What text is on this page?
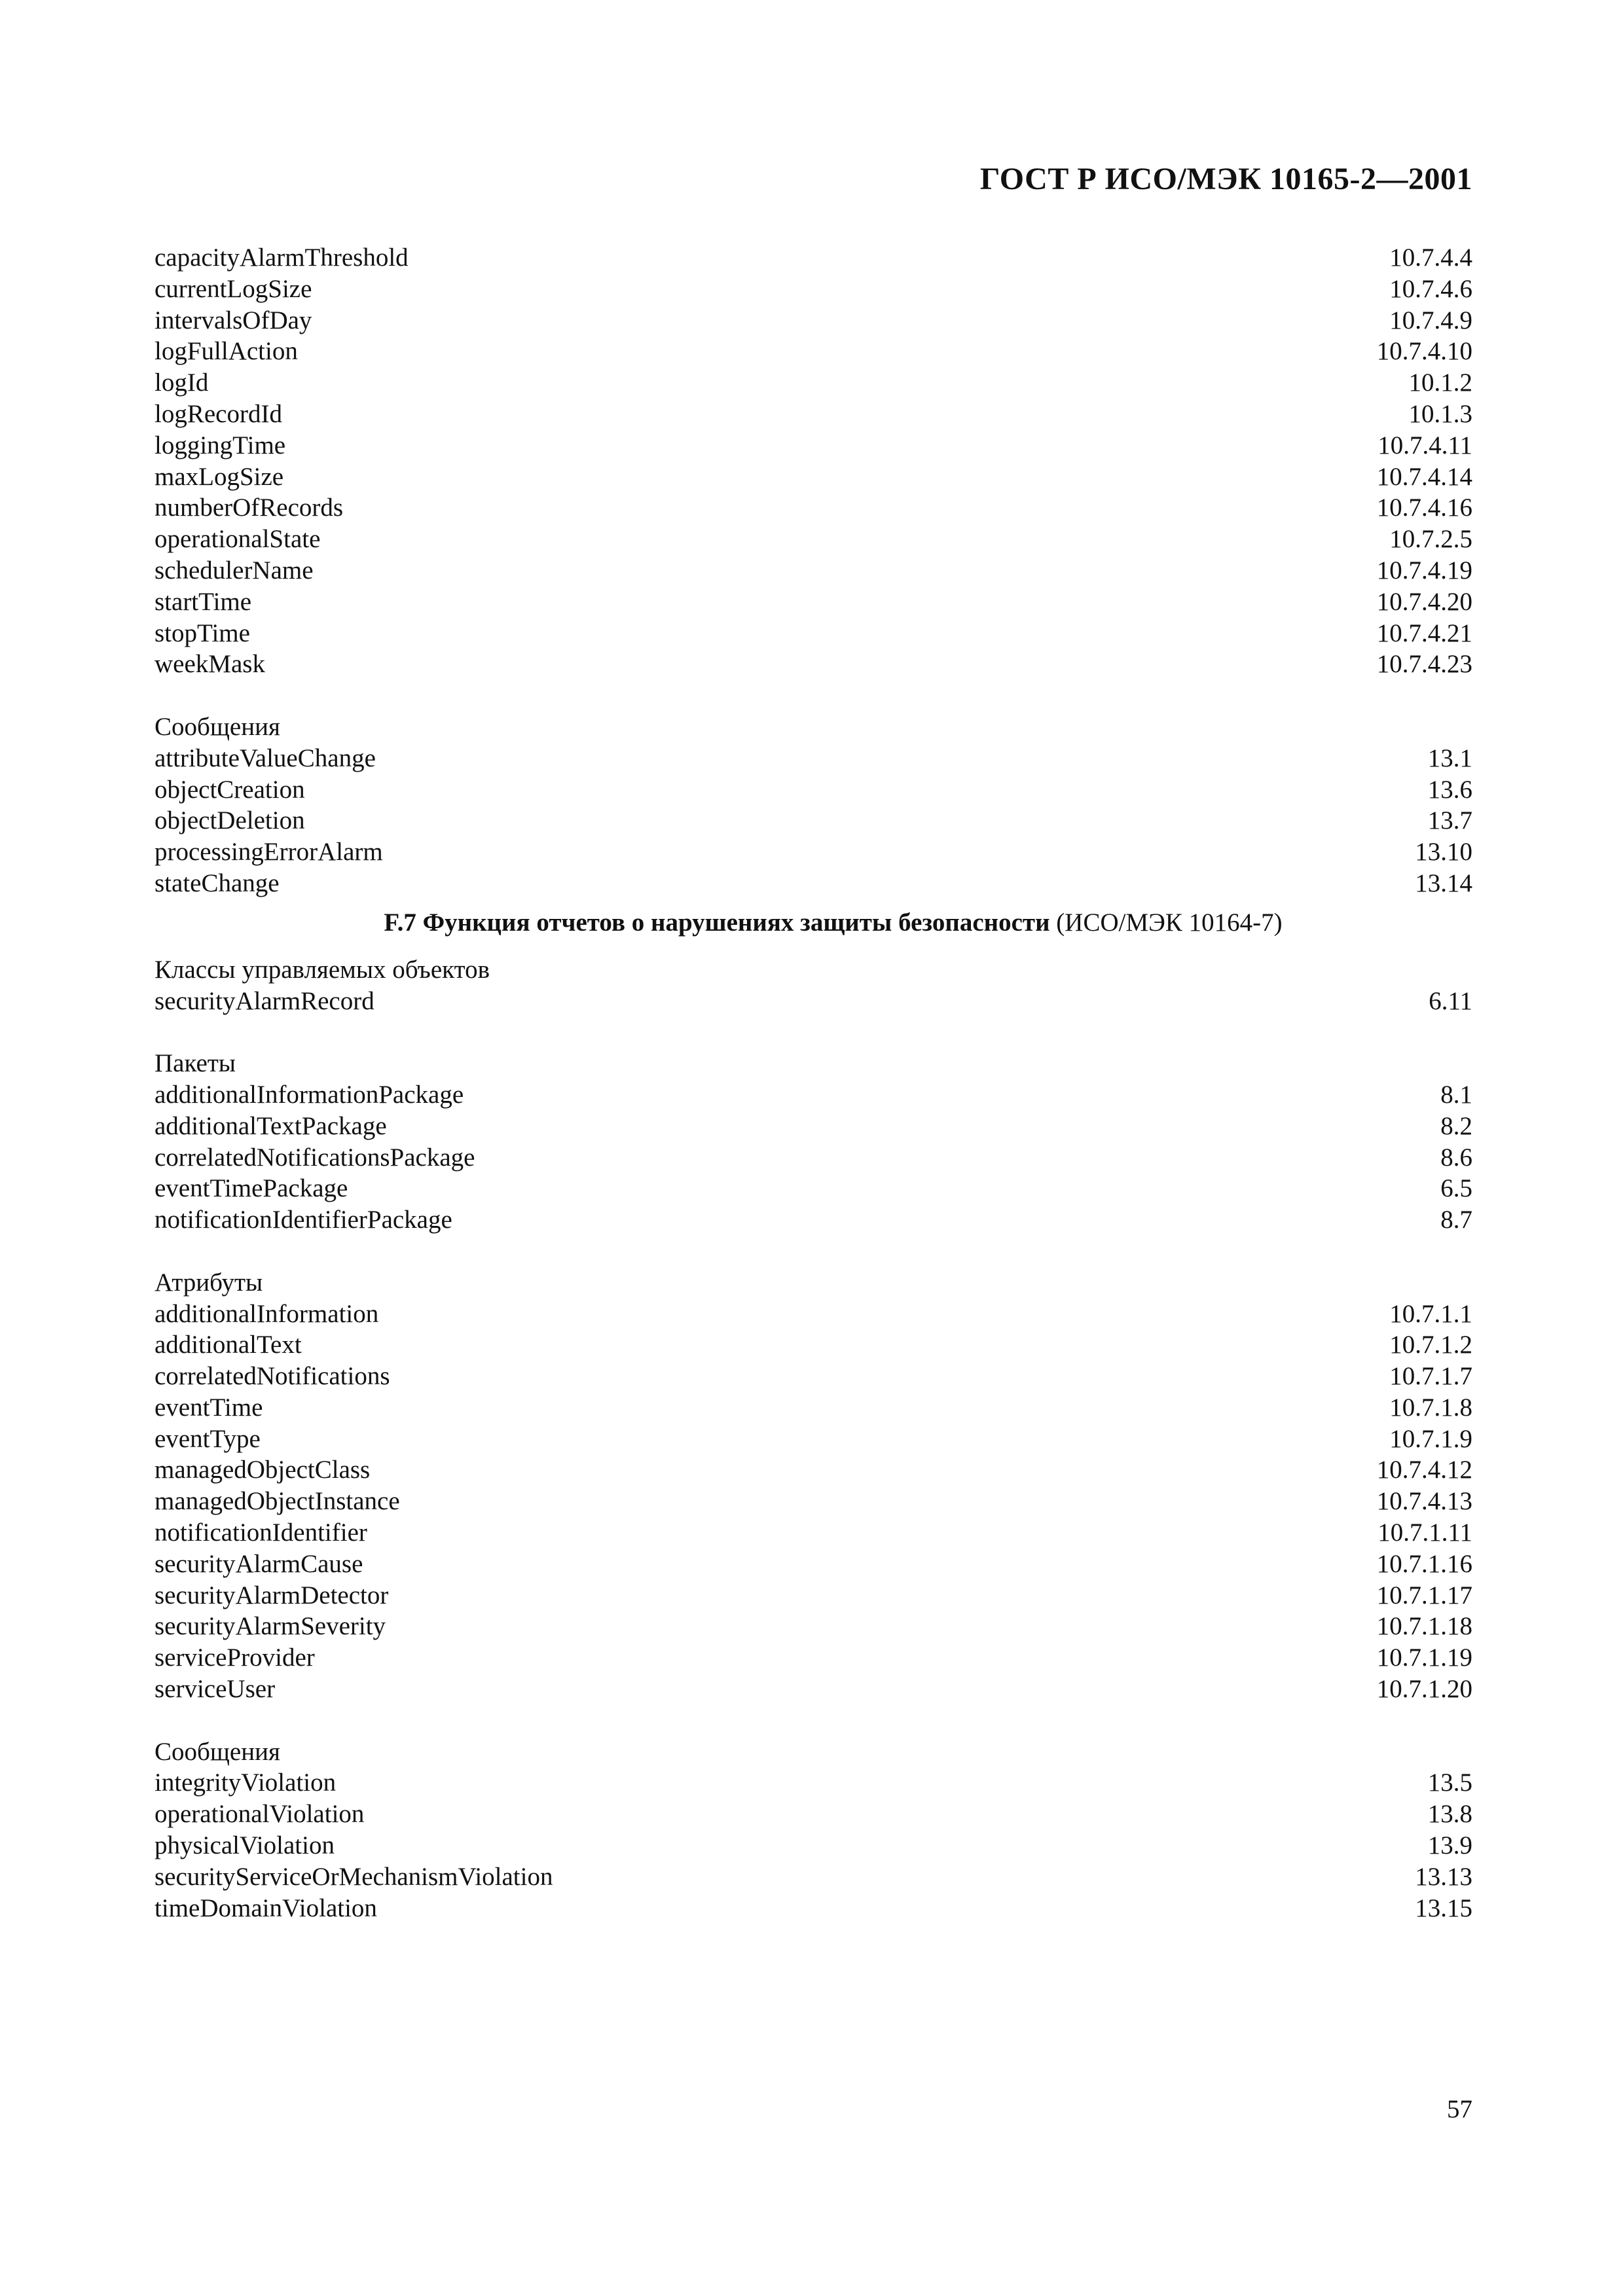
ГОСТ Р ИСО/МЭК 10165-2—2001
capacityAlarmThreshold	10.7.4.4
currentLogSize	10.7.4.6
intervalsOfDay	10.7.4.9
logFullAction	10.7.4.10
logId	10.1.2
logRecordId	10.1.3
loggingTime	10.7.4.11
maxLogSize	10.7.4.14
numberOfRecords	10.7.4.16
operationalState	10.7.2.5
schedulerName	10.7.4.19
startTime	10.7.4.20
stopTime	10.7.4.21
weekMask	10.7.4.23
Сообщения
attributeValueChange	13.1
objectCreation	13.6
objectDeletion	13.7
processingErrorAlarm	13.10
stateChange	13.14
F.7 Функция отчетов о нарушениях защиты безопасности (ИСО/МЭК 10164-7)
Классы управляемых объектов
securityAlarmRecord	6.11
Пакеты
additionalInformationPackage	8.1
additionalTextPackage	8.2
correlatedNotificationsPackage	8.6
eventTimePackage	6.5
notificationIdentifierPackage	8.7
Атрибуты
additionalInformation	10.7.1.1
additionalText	10.7.1.2
correlatedNotifications	10.7.1.7
eventTime	10.7.1.8
eventType	10.7.1.9
managedObjectClass	10.7.4.12
managedObjectInstance	10.7.4.13
notificationIdentifier	10.7.1.11
securityAlarmCause	10.7.1.16
securityAlarmDetector	10.7.1.17
securityAlarmSeverity	10.7.1.18
serviceProvider	10.7.1.19
serviceUser	10.7.1.20
Сообщения
integrityViolation	13.5
operationalViolation	13.8
physicalViolation	13.9
securityServiceOrMechanismViolation	13.13
timeDomainViolation	13.15
57
